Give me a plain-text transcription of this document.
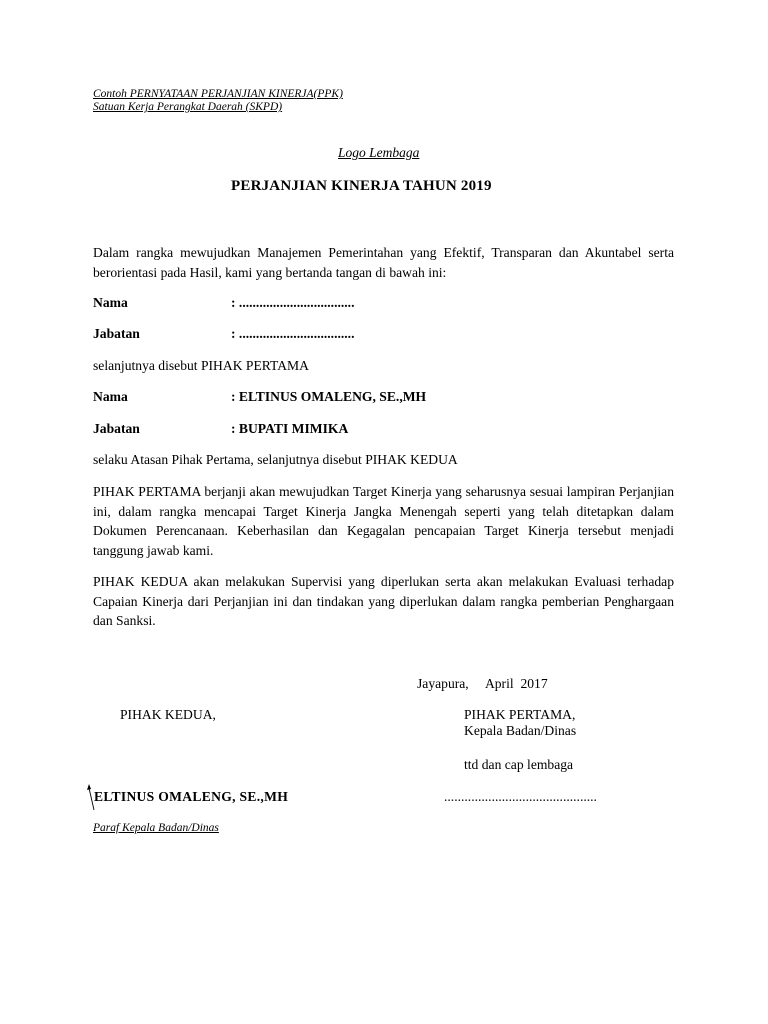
Contoh PERNYATAAN PERJANJIAN KINERJA(PPK)
Satuan Kerja Perangkat Daerah (SKPD)
Logo Lembaga
PERJANJIAN KINERJA TAHUN 2019
Dalam rangka mewujudkan Manajemen Pemerintahan yang Efektif, Transparan dan Akuntabel serta berorientasi pada Hasil, kami yang bertanda tangan di bawah ini:
Nama	: ..................................
Jabatan	: ..................................
selanjutnya disebut PIHAK PERTAMA
Nama	: ELTINUS OMALENG, SE.,MH
Jabatan	: BUPATI MIMIKA
selaku Atasan Pihak Pertama, selanjutnya disebut PIHAK KEDUA
PIHAK PERTAMA berjanji akan mewujudkan Target Kinerja yang seharusnya sesuai lampiran Perjanjian ini, dalam rangka mencapai Target Kinerja Jangka Menengah seperti yang telah ditetapkan dalam Dokumen Perencanaan. Keberhasilan dan Kegagalan pencapaian Target Kinerja tersebut menjadi tanggung jawab kami.
PIHAK KEDUA akan melakukan Supervisi yang diperlukan serta akan melakukan Evaluasi terhadap Capaian Kinerja dari Perjanjian ini dan tindakan yang diperlukan dalam rangka pemberian Penghargaan dan Sanksi.
Jayapura,     April  2017
PIHAK KEDUA,	PIHAK PERTAMA,
Kepala Badan/Dinas
ttd dan cap lembaga
ELTINUS OMALENG, SE.,MH	.............................................
Paraf Kepala Badan/Dinas
